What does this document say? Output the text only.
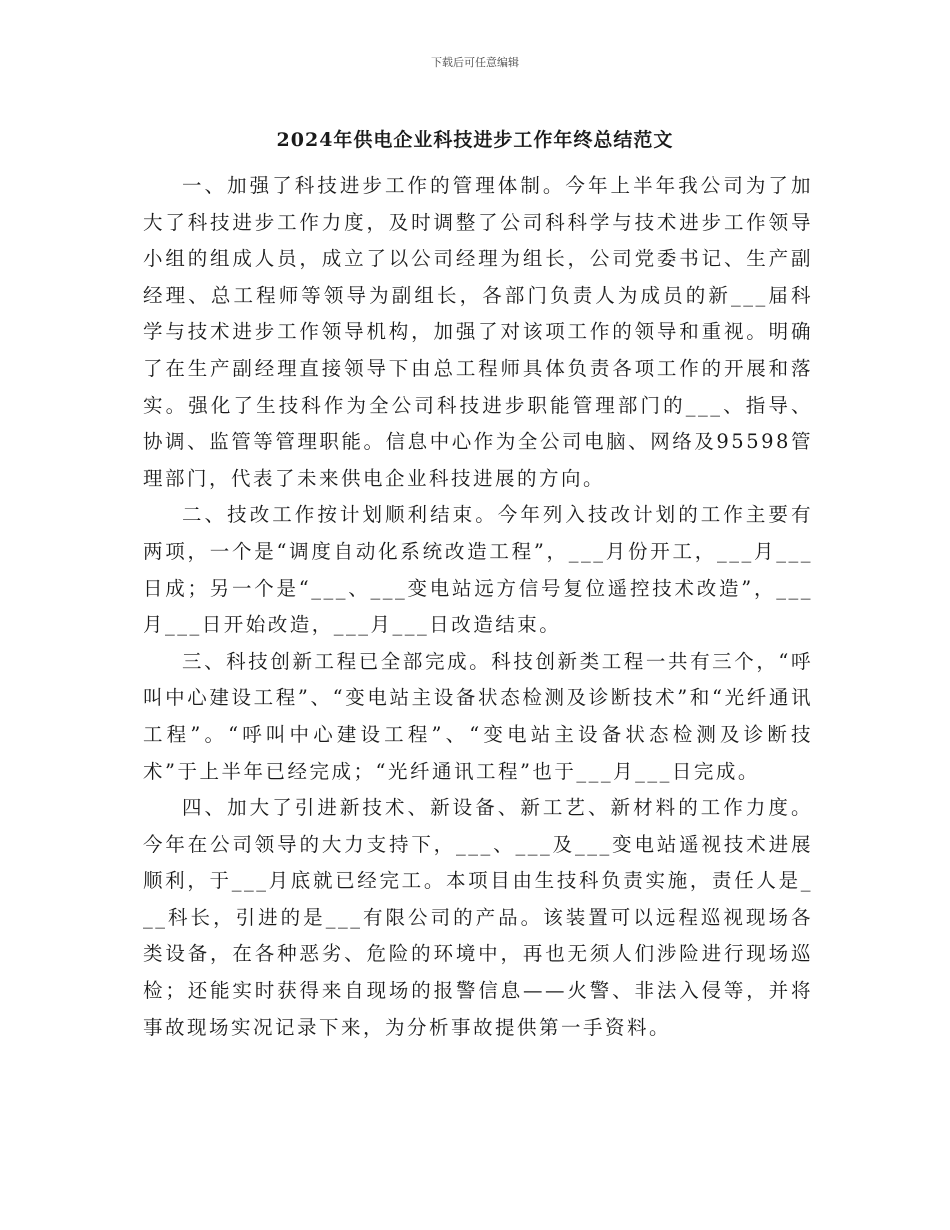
下载后可任意编辑
2024年供电企业科技进步工作年终总结范文

一、加强了科技进步工作的管理体制。今年上半年我公司为了加大了科技进步工作力度，及时调整了公司科科学与技术进步工作领导小组的组成人员，成立了以公司经理为组长，公司党委书记、生产副经理、总工程师等领导为副组长，各部门负责人为成员的新___届科学与技术进步工作领导机构，加强了对该项工作的领导和重视。明确了在生产副经理直接领导下由总工程师具体负责各项工作的开展和落实。强化了生技科作为全公司科技进步职能管理部门的___、指导、协调、监管等管理职能。信息中心作为全公司电脑、网络及95598管理部门，代表了未来供电企业科技进展的方向。

二、技改工作按计划顺利结束。今年列入技改计划的工作主要有两项，一个是“调度自动化系统改造工程”，___月份开工，___月___日成；另一个是“___、___变电站远方信号复位遥控技术改造”，___月___日开始改造，___月___日改造结束。

三、科技创新工程已全部完成。科技创新类工程一共有三个，“呼叫中心建设工程”、“变电站主设备状态检测及诊断技术”和“光纤通讯工程”。“呼叫中心建设工程”、“变电站主设备状态检测及诊断技术”于上半年已经完成；“光纤通讯工程”也于___月___日完成。

四、加大了引进新技术、新设备、新工艺、新材料的工作力度。今年在公司领导的大力支持下，___、___及___变电站遥视技术进展顺利，于___月底就已经完工。本项目由生技科负责实施，责任人是___科长，引进的是___有限公司的产品。该装置可以远程巡视现场各类设备，在各种恶劣、危险的环境中，再也无须人们涉险进行现场巡检；还能实时获得来自现场的报警信息——火警、非法入侵等，并将事故现场实况记录下来，为分析事故提供第一手资料。
